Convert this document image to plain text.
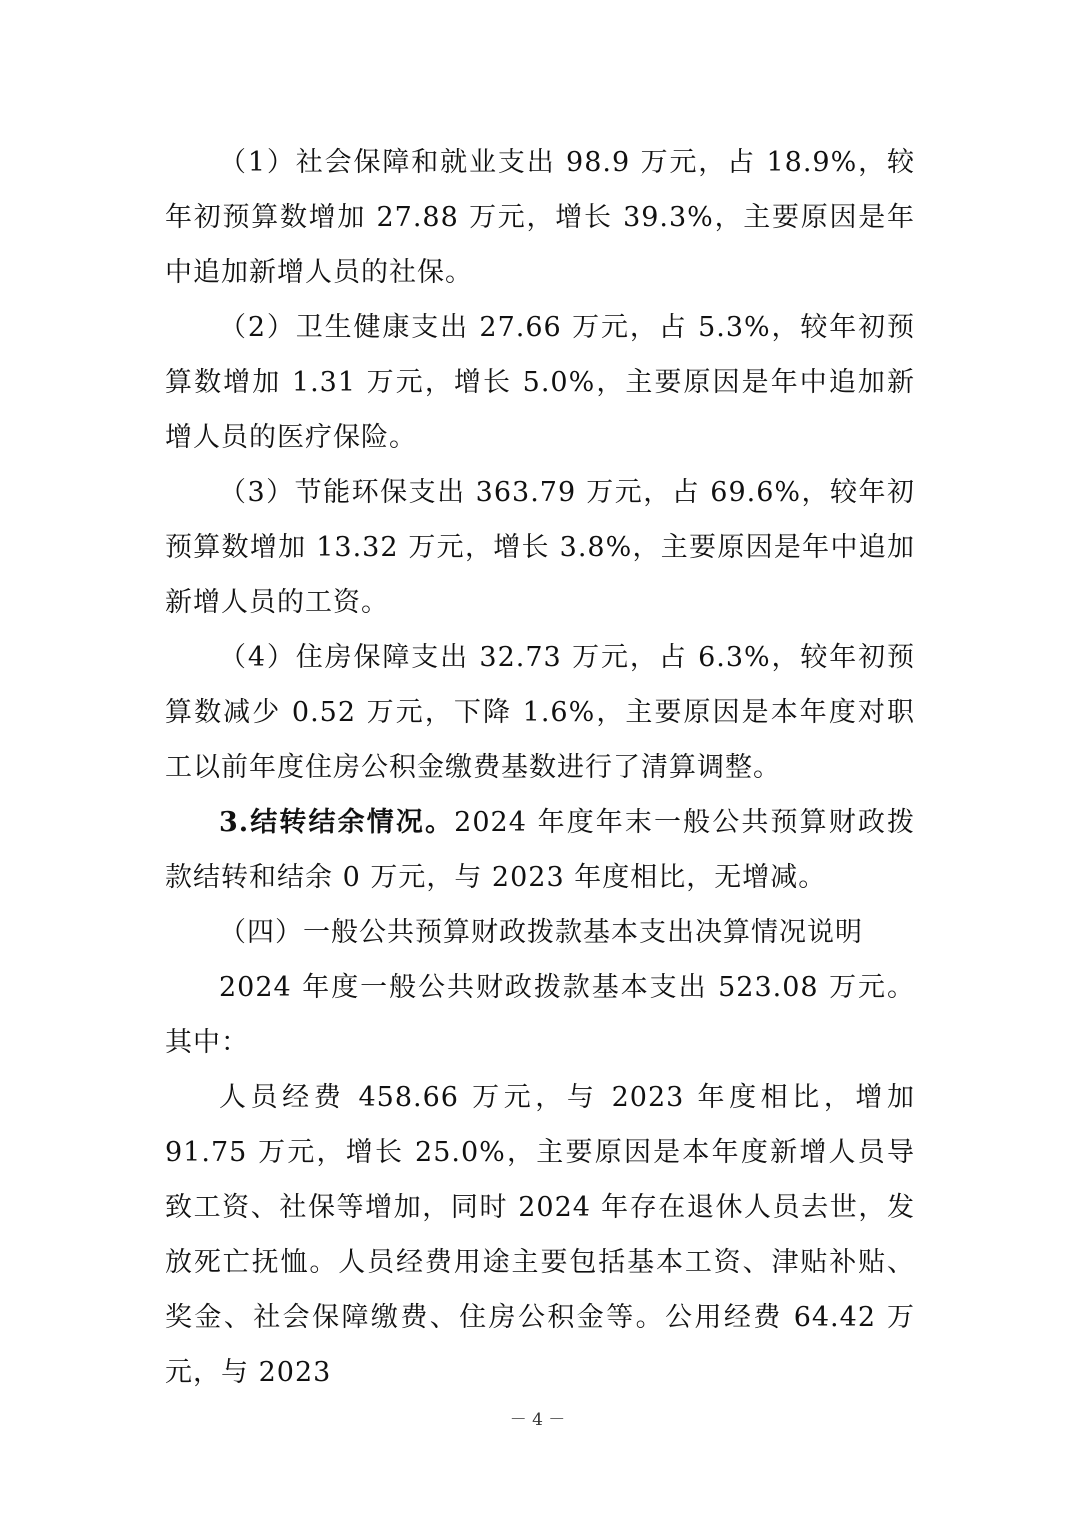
（1）社会保障和就业支出 98.9 万元，占 18.9%，较年初预算数增加 27.88 万元，增长 39.3%，主要原因是年中追加新增人员的社保。

（2）卫生健康支出 27.66 万元，占 5.3%，较年初预算数增加 1.31 万元，增长 5.0%，主要原因是年中追加新增人员的医疗保险。

（3）节能环保支出 363.79 万元，占 69.6%，较年初预算数增加 13.32 万元，增长 3.8%，主要原因是年中追加新增人员的工资。

（4）住房保障支出 32.73 万元，占 6.3%，较年初预算数减少 0.52 万元，下降 1.6%，主要原因是本年度对职工以前年度住房公积金缴费基数进行了清算调整。

3.结转结余情况。2024 年度年末一般公共预算财政拨款结转和结余 0 万元，与 2023 年度相比，无增减。

（四）一般公共预算财政拨款基本支出决算情况说明

2024 年度一般公共财政拨款基本支出 523.08 万元。其中：

人员经费 458.66 万元，与 2023 年度相比，增加 91.75 万元，增长 25.0%，主要原因是本年度新增人员导致工资、社保等增加，同时 2024 年存在退休人员去世，发放死亡抚恤。人员经费用途主要包括基本工资、津贴补贴、奖金、社会保障缴费、住房公积金等。公用经费 64.42 万元，与 2023

－ 4 －
